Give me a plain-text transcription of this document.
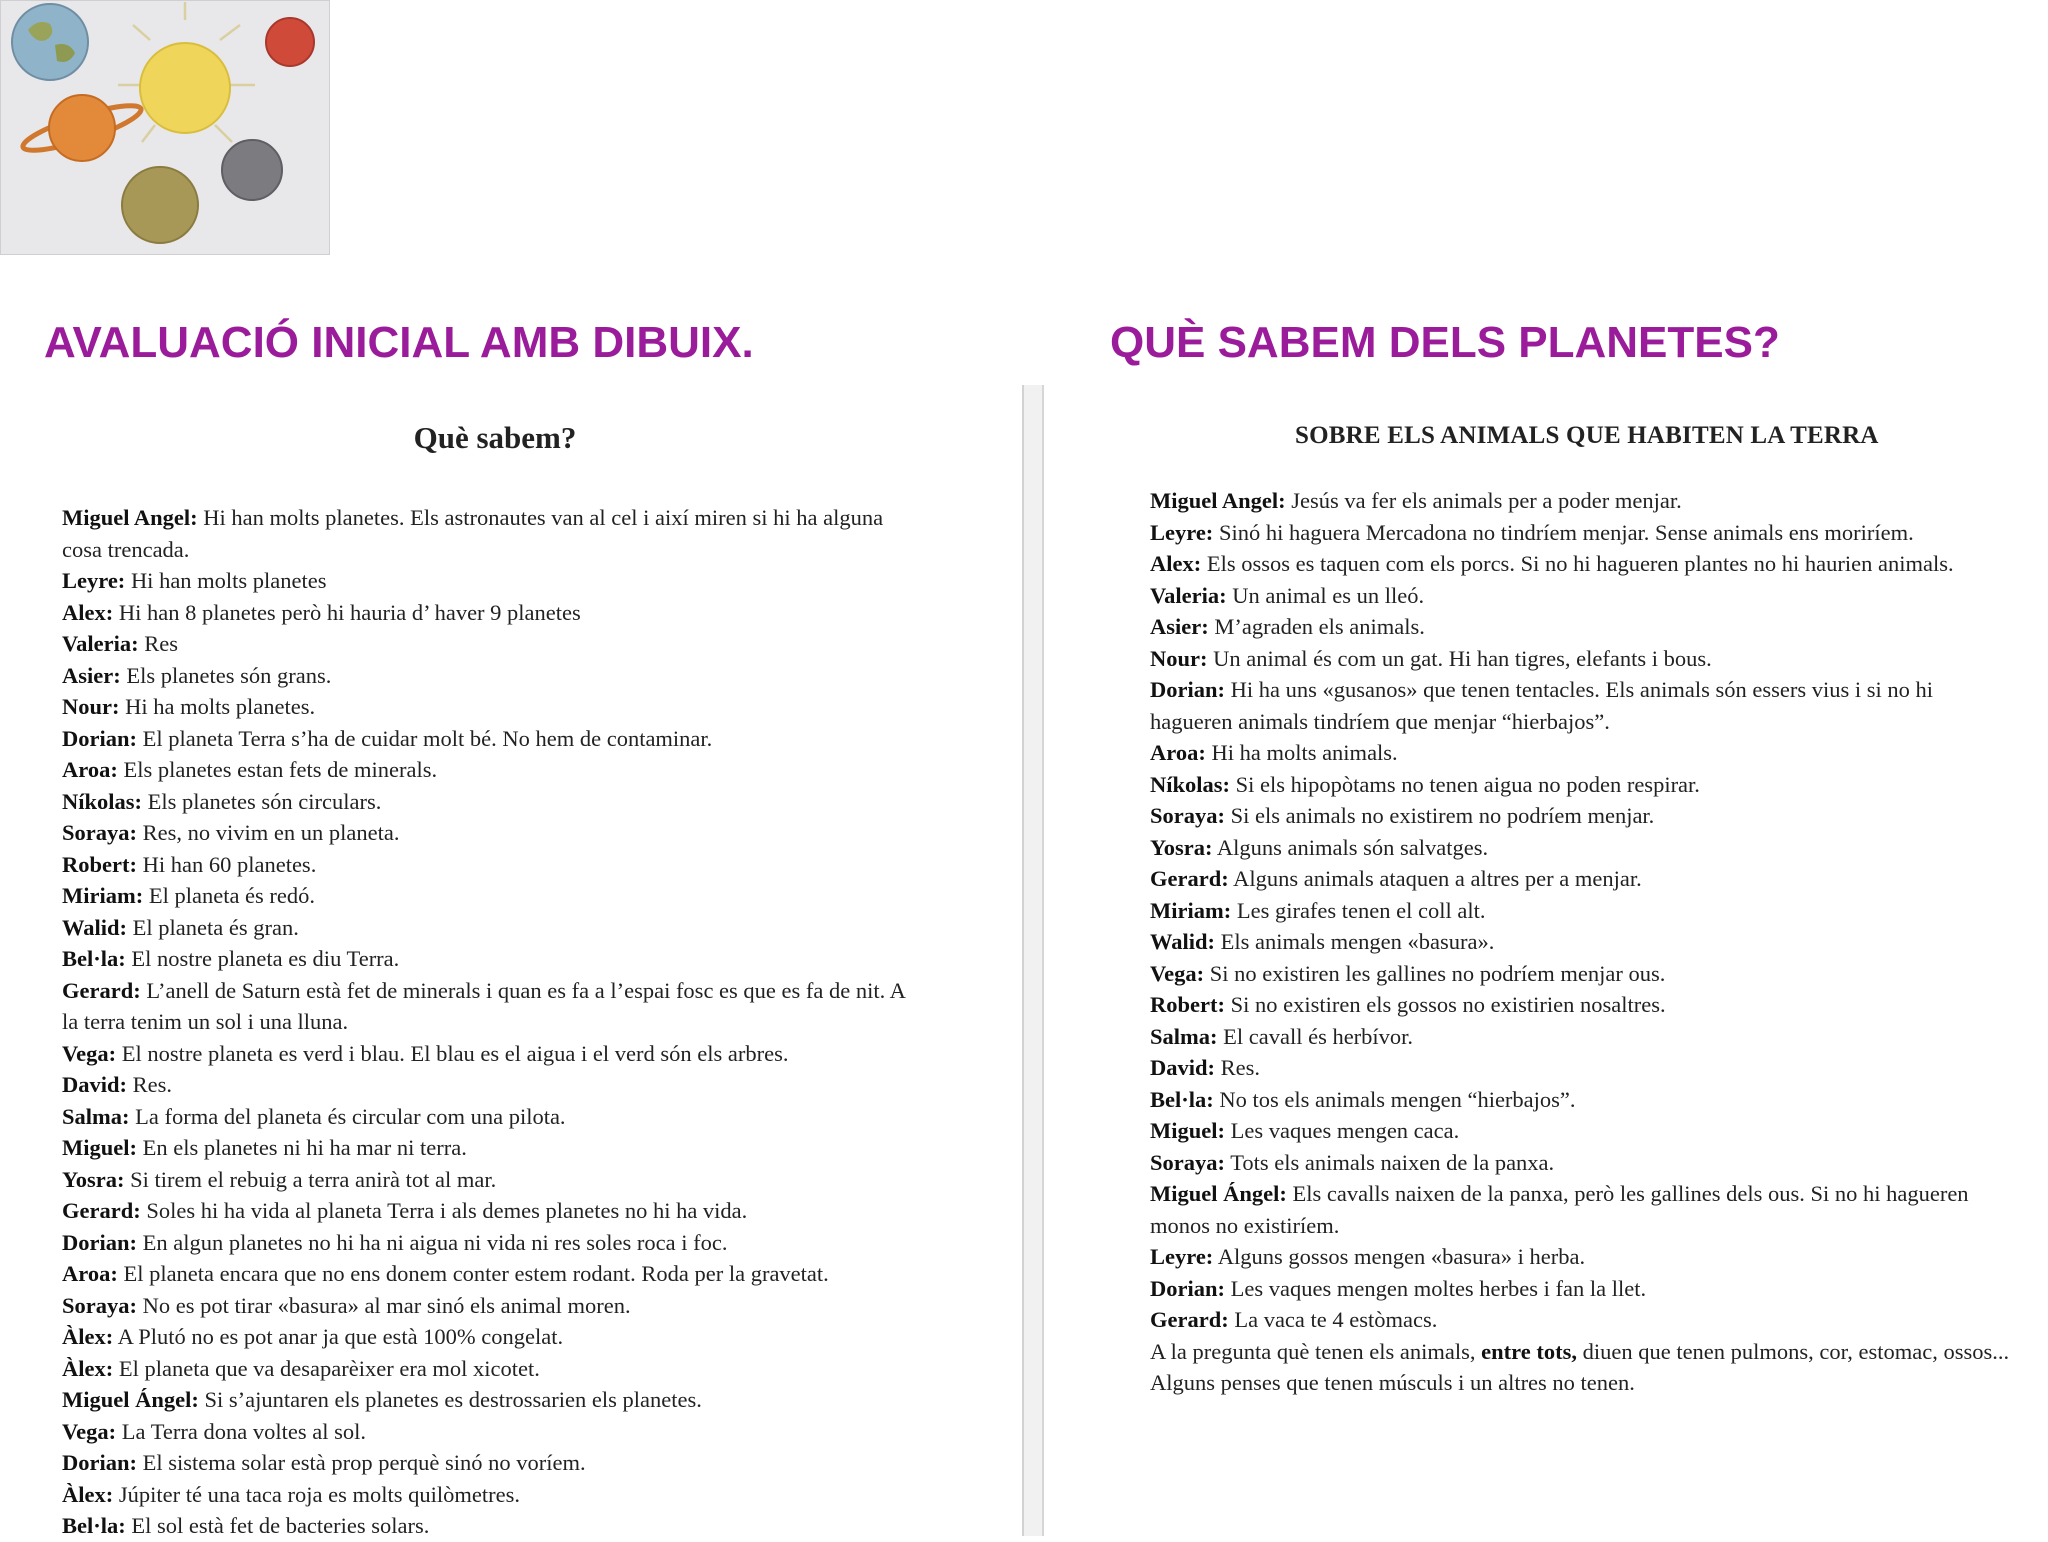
AVALUACIÓ INICIAL AMB DIBUIX.	QUÈ SABEM DELS PLANETES?
Què sabem?
Miguel Angel: Hi han molts planetes. Els astronautes van al cel i així miren si hi ha alguna cosa trencada.
Leyre: Hi han molts planetes
Alex: Hi han 8 planetes però hi hauria d’ haver 9 planetes
Valeria: Res
Asier: Els planetes són grans.
Nour: Hi ha molts planetes.
Dorian: El planeta Terra s’ha de cuidar molt bé. No hem de contaminar.
Aroa: Els planetes estan fets de minerals.
Níkolas: Els planetes són circulars.
Soraya: Res, no vivim en un planeta.
Robert: Hi han 60 planetes.
Miriam: El planeta és redó.
Walid: El planeta és gran.
Bel·la: El nostre planeta es diu Terra.
Gerard: L’anell de Saturn està fet de minerals i quan es fa a l’espai fosc es que es fa de nit. A la terra tenim un sol i una lluna.
Vega: El nostre planeta es verd i blau. El blau es el aigua i el verd són els arbres.
David: Res.
Salma: La forma del planeta és circular com una pilota.
Miguel: En els planetes ni hi ha mar ni terra.
Yosra: Si tirem el rebuig a terra anirà tot al mar.
Gerard: Soles hi ha vida al planeta Terra i als demes planetes no hi ha vida.
Dorian: En algun planetes no hi ha ni aigua ni vida ni res soles roca i foc.
Aroa: El planeta encara que no ens donem conter estem rodant. Roda per la gravetat.
Soraya: No es pot tirar «basura» al mar sinó els animal moren.
Àlex: A Plutó no es pot anar ja que està 100% congelat.
Àlex: El planeta que va desaparèixer era mol xicotet.
Miguel Ángel: Si s’ajuntaren els planetes es destrossarien els planetes.
Vega: La Terra dona voltes al sol.
Dorian: El sistema solar està prop perquè sinó no voríem.
Àlex: Júpiter té una taca roja es molts quilòmetres.
Bel·la: El sol està fet de bacteries solars.
SOBRE ELS ANIMALS QUE HABITEN LA TERRA
Miguel Angel: Jesús va fer els animals per a poder menjar.
Leyre: Sinó hi haguera Mercadona no tindríem menjar. Sense animals ens moriríem.
Alex: Els ossos es taquen com els porcs. Si no hi hagueren plantes no hi haurien animals.
Valeria: Un animal es un lleó.
Asier: M’agraden els animals.
Nour: Un animal és com un gat. Hi han tigres, elefants i bous.
Dorian: Hi ha uns «gusanos» que tenen tentacles. Els animals són essers vius i si no hi hagueren animals tindríem que menjar “hierbajos”.
Aroa: Hi ha molts animals.
Níkolas: Si els hipopòtams no tenen aigua no poden respirar.
Soraya: Si els animals no existirem no podríem menjar.
Yosra: Alguns animals són salvatges.
Gerard: Alguns animals ataquen a altres per a menjar.
Miriam: Les girafes tenen el coll alt.
Walid: Els animals mengen «basura».
Vega: Si no existiren les gallines no podríem menjar ous.
Robert: Si no existiren els gossos no existirien nosaltres.
Salma: El cavall és herbívor.
David: Res.
Bel·la: No tos els animals mengen “hierbajos”.
Miguel: Les vaques mengen caca.
Soraya: Tots els animals naixen de la panxa.
Miguel Ángel: Els cavalls naixen de la panxa, però les gallines dels ous. Si no hi hagueren monos no existiríem.
Leyre: Alguns gossos mengen «basura» i herba.
Dorian: Les vaques mengen moltes herbes i fan la llet.
Gerard: La vaca te 4 estòmacs.
A la pregunta què tenen els animals, entre tots, diuen que tenen pulmons, cor, estomac, ossos... Alguns penses que tenen músculs i un altres no tenen.
